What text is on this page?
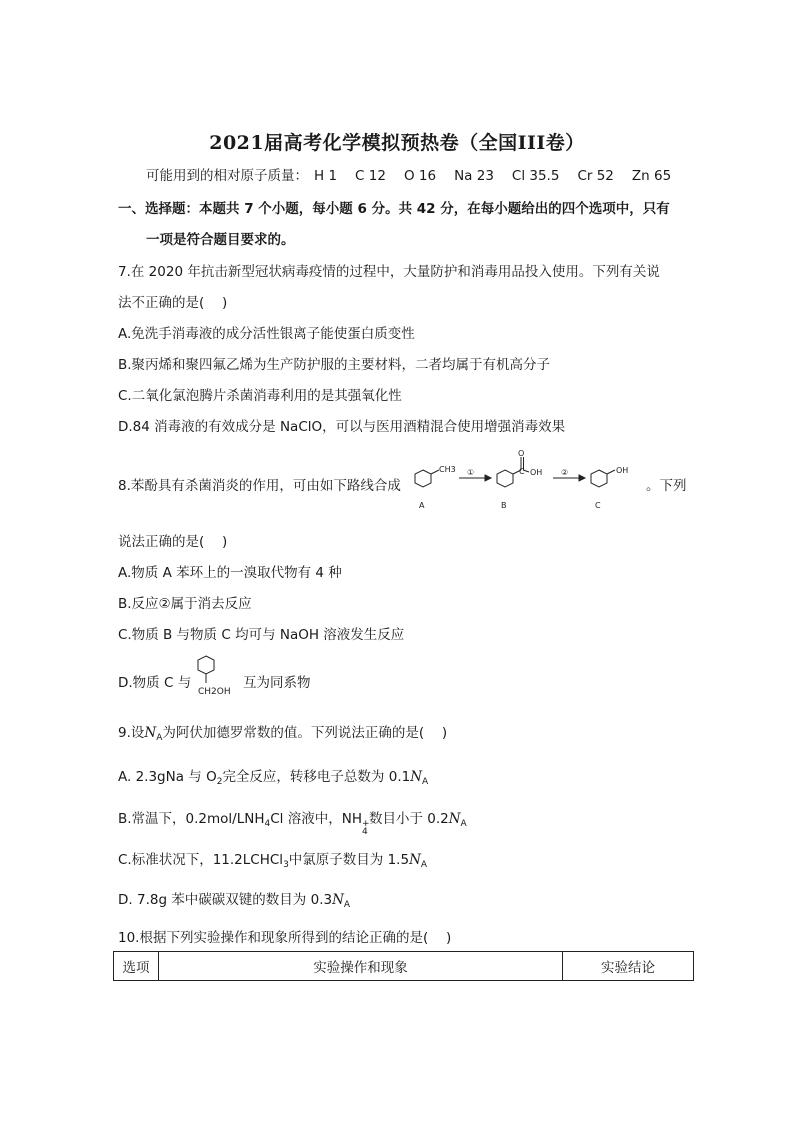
2021届高考化学模拟预热卷（全国III卷）
可能用到的相对原子质量： H 1 C 12 O 16 Na 23 Cl 35.5 Cr 52 Zn 65
一、选择题：本题共 7 个小题，每小题 6 分。共 42 分，在每小题给出的四个选项中，只有
一项是符合题目要求的。
7.在 2020 年抗击新型冠状病毒疫情的过程中，大量防护和消毒用品投入使用。下列有关说
法不正确的是(　 )
A.免洗手消毒液的成分活性银离子能使蛋白质变性
B.聚丙烯和聚四氟乙烯为生产防护服的主要材料，二者均属于有机高分子
C.二氧化氯泡腾片杀菌消毒利用的是其强氧化性
D.84 消毒液的有效成分是 NaClO，可以与医用酒精混合使用增强消毒效果
8.苯酚具有杀菌消炎的作用，可由如下路线合成
CH3
O
C OH	OH
①	②
A	B	C
。下列
说法正确的是(　 )
A.物质 A 苯环上的一溴取代物有 4 种
B.反应②属于消去反应
C.物质 B 与物质 C 均可与 NaOH 溶液发生反应
D.物质 C 与
CH2OH
互为同系物
9.设$N_A$为阿伏加德罗常数的值。下列说法正确的是(　 )
A. 2.3gNa 与 $O_2$完全反应，转移电子总数为 $0.1N_A$
B.常温下，$0.2mol/LNH_4Cl$ 溶液中，NH +
4
数目小于 $0.2N_A$
C.标准状况下，11.2LCHCl$_3$中氯原子数目为 $1.5N_A$
D. 7.8g 苯中碳碳双键的数目为 $0.3N_A$
10.根据下列实验操作和现象所得到的结论正确的是(　 )
选项	实验操作和现象	实验结论
